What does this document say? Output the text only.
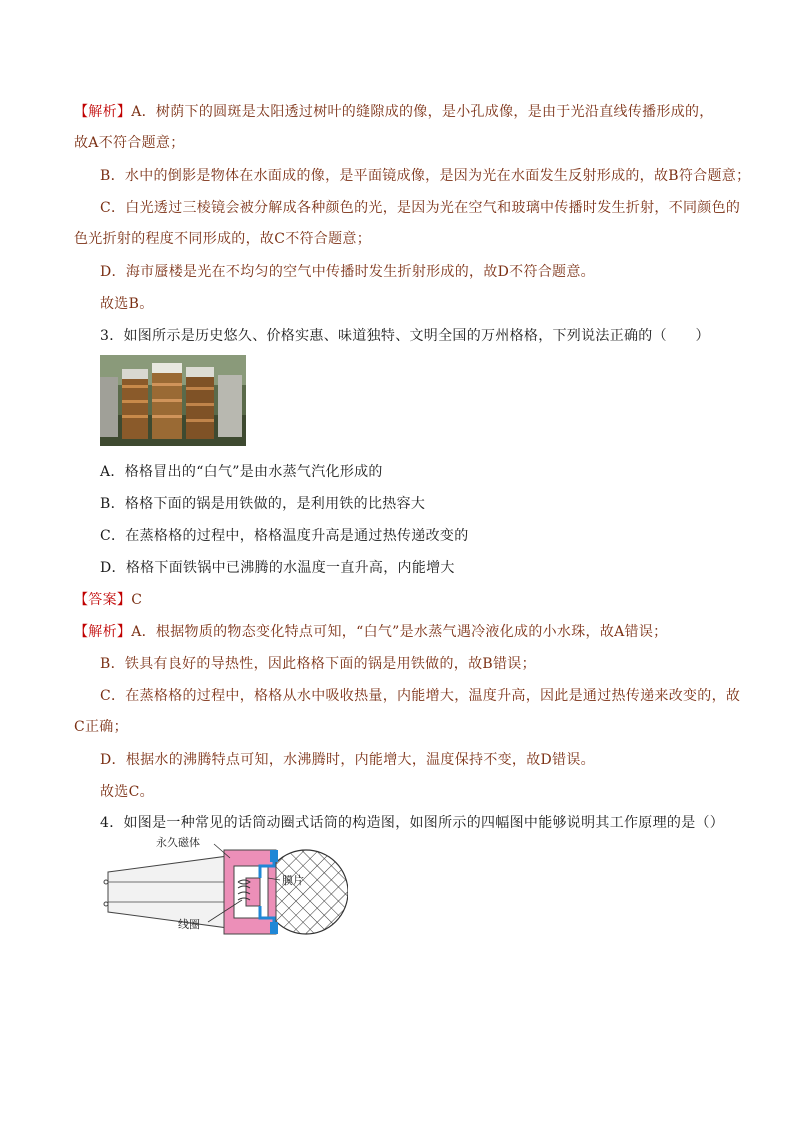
【解析】A．树荫下的圆斑是太阳透过树叶的缝隙成的像，是小孔成像，是由于光沿直线传播形成的，
故A不符合题意；
B．水中的倒影是物体在水面成的像，是平面镜成像，是因为光在水面发生反射形成的，故B符合题意；
C．白光透过三棱镜会被分解成各种颜色的光，是因为光在空气和玻璃中传播时发生折射，不同颜色的
色光折射的程度不同形成的，故C不符合题意；
D．海市蜃楼是光在不均匀的空气中传播时发生折射形成的，故D不符合题意。
故选B。
3．如图所示是历史悠久、价格实惠、味道独特、文明全国的万州格格，下列说法正确的（　　）
A．格格冒出的“白气”是由水蒸气汽化形成的
B．格格下面的锅是用铁做的，是利用铁的比热容大
C．在蒸格格的过程中，格格温度升高是通过热传递改变的
D．格格下面铁锅中已沸腾的水温度一直升高，内能增大
【答案】C
【解析】A．根据物质的物态变化特点可知，“白气”是水蒸气遇冷液化成的小水珠，故A错误；
B．铁具有良好的导热性，因此格格下面的锅是用铁做的，故B错误；
C．在蒸格格的过程中，格格从水中吸收热量，内能增大，温度升高，因此是通过热传递来改变的，故
C正确；
D．根据水的沸腾特点可知，水沸腾时，内能增大，温度保持不变，故D错误。
故选C。
4．如图是一种常见的话筒动圈式话筒的构造图，如图所示的四幅图中能够说明其工作原理的是（）
永久磁体
膜片
线圈
